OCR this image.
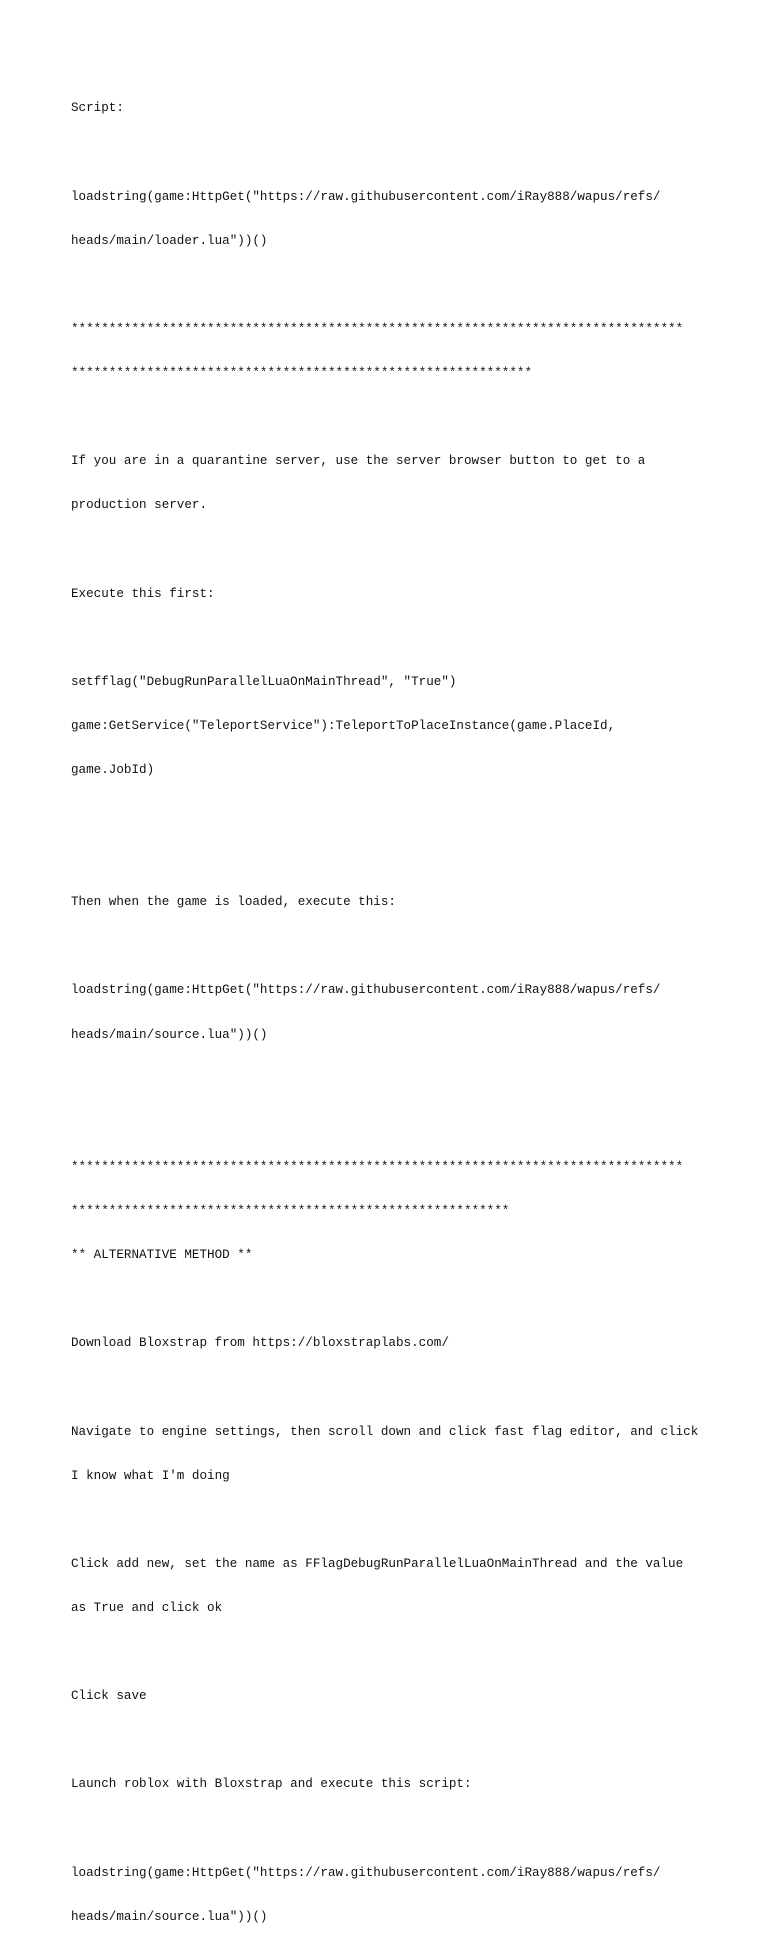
Script:

loadstring(game:HttpGet("https://raw.githubusercontent.com/iRay888/wapus/refs/

heads/main/loader.lua"))()

*********************************************************************************

*************************************************************

If you are in a quarantine server, use the server browser button to get to a

production server.

Execute this first:

setfflag("DebugRunParallelLuaOnMainThread", "True")

game:GetService("TeleportService"):TeleportToPlaceInstance(game.PlaceId,

game.JobId)

Then when the game is loaded, execute this:

loadstring(game:HttpGet("https://raw.githubusercontent.com/iRay888/wapus/refs/

heads/main/source.lua"))()

*********************************************************************************

**********************************************************

** ALTERNATIVE METHOD **

Download Bloxstrap from https://bloxstraplabs.com/

Navigate to engine settings, then scroll down and click fast flag editor, and click

I know what I'm doing

Click add new, set the name as FFlagDebugRunParallelLuaOnMainThread and the value

as True and click ok

Click save

Launch roblox with Bloxstrap and execute this script:

loadstring(game:HttpGet("https://raw.githubusercontent.com/iRay888/wapus/refs/

heads/main/source.lua"))()
